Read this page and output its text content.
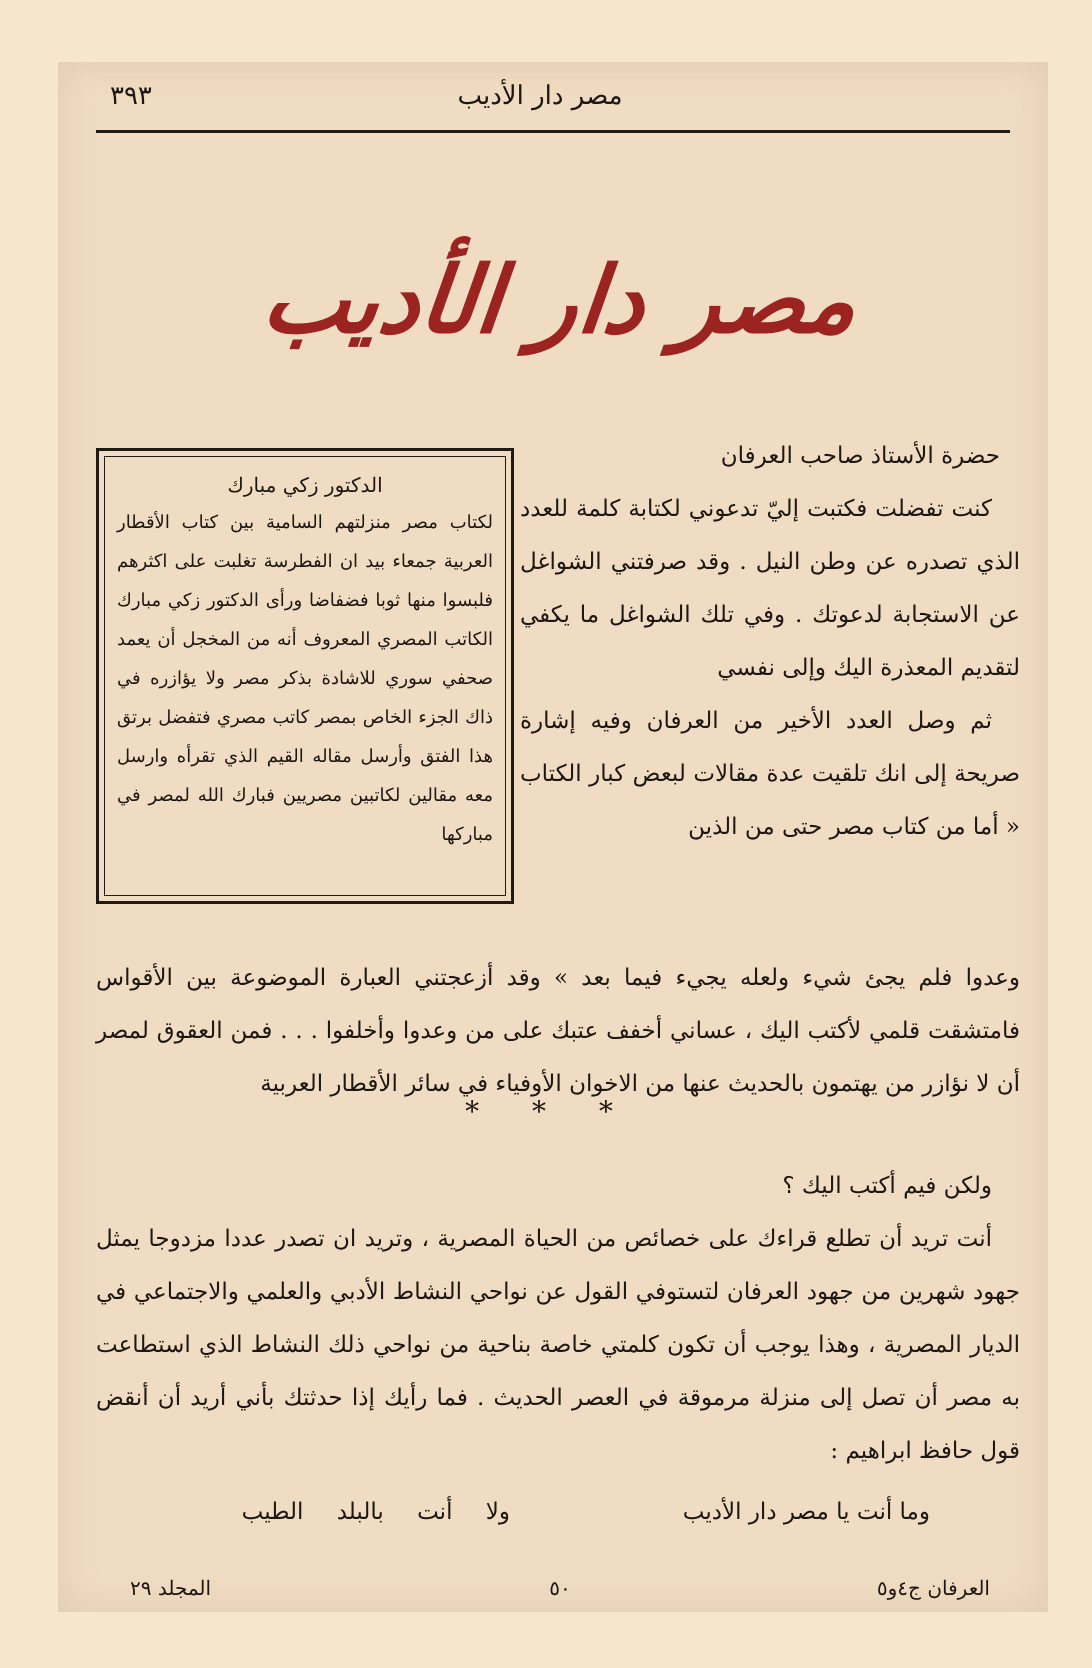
مصر دار الأديب
٣٩٣
مصر دار الأديب

حضرة الأستاذ صاحب العرفان

كنت تفضلت فكتبت إليّ تدعوني لكتابة كلمة للعدد الذي تصدره عن وطن النيل . وقد صرفتني الشواغل عن الاستجابة لدعوتك . وفي تلك الشواغل ما يكفي لتقديم المعذرة اليك وإلى نفسي

ثم وصل العدد الأخير من العرفان وفيه إشارة صريحة إلى انك تلقيت عدة مقالات لبعض كبار الكتاب « أما من كتاب مصر حتى من الذين

الدكتور زكي مبارك
لكتاب مصر منزلتهم السامية بين كتاب الأقطار العربية جمعاء بيد ان الفطرسة تغلبت على اكثرهم فلبسوا منها ثوبا فضفاضا ورأى الدكتور زكي مبارك الكاتب المصري المعروف أنه من المخجل أن يعمد صحفي سوري للاشادة بذكر مصر ولا يؤازره في ذاك الجزء الخاص بمصر كاتب مصري فتفضل برتق هذا الفتق وأرسل مقاله القيم الذي تقرأه وارسل معه مقالين لكاتبين مصريين فبارك الله لمصر في مباركها

وعدوا فلم يجئ شيء ولعله يجيء فيما بعد » وقد أزعجتني العبارة الموضوعة بين الأقواس فامتشقت قلمي لأكتب اليك ، عساني أخفف عتبك على من وعدوا وأخلفوا . . . فمن العقوق لمصر أن لا نؤازر من يهتمون بالحديث عنها من الاخوان الأوفياء في سائر الأقطار العربية

* * *

ولكن فيم أكتب اليك ؟

أنت تريد أن تطلع قراءك على خصائص من الحياة المصرية ، وتريد ان تصدر عددا مزدوجا يمثل جهود شهرين من جهود العرفان لتستوفي القول عن نواحي النشاط الأدبي والعلمي والاجتماعي في الديار المصرية ، وهذا يوجب أن تكون كلمتي خاصة بناحية من نواحي ذلك النشاط الذي استطاعت به مصر أن تصل إلى منزلة مرموقة في العصر الحديث . فما رأيك إذا حدثتك بأني أريد أن أنقض قول حافظ ابراهيم :

وما أنت يا مصر دار الأديب
ولا أنت بالبلد الطيب
العرفان ج٤و٥
٥٠
المجلد ٢٩
